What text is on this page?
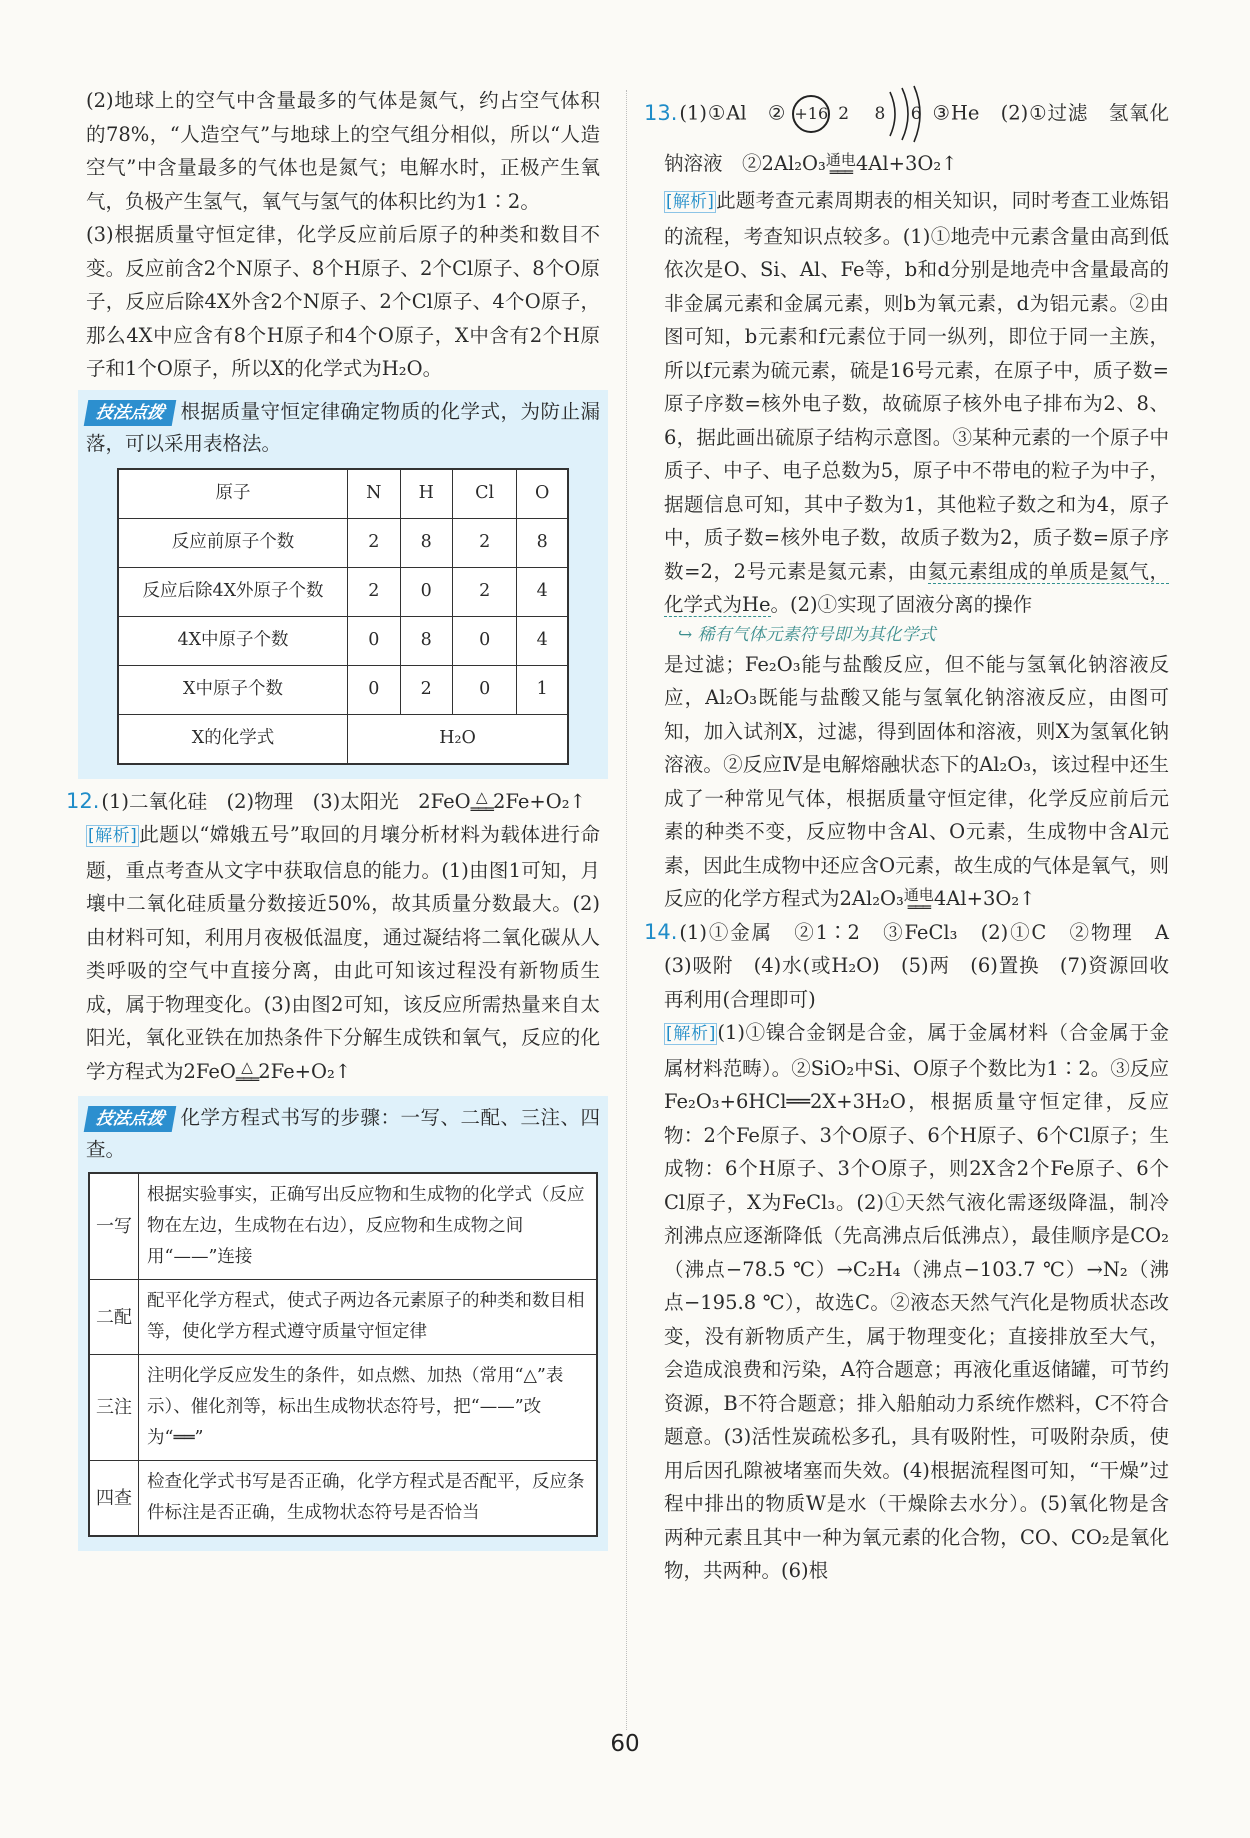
(2)地球上的空气中含量最多的气体是氮气，约占空气体积的78%，“人造空气”与地球上的空气组分相似，所以“人造空气”中含量最多的气体也是氮气；电解水时，正极产生氧气，负极产生氢气，氧气与氢气的体积比约为1∶2。

(3)根据质量守恒定律，化学反应前后原子的种类和数目不变。反应前含2个N原子、8个H原子、2个Cl原子、8个O原子，反应后除4X外含2个N原子、2个Cl原子、4个O原子，那么4X中应含有8个H原子和4个O原子，X中含有2个H原子和1个O原子，所以X的化学式为H₂O。

技法点拨 根据质量守恒定律确定物质的化学式，为防止漏落，可以采用表格法。
原子	N	H	Cl	O
反应前原子个数	2	8	2	8
反应后除4X外原子个数	2	0	2	4
4X中原子个数	0	8	0	4
X中原子个数	0	2	0	1
X的化学式	H₂O			

12. (1)二氧化硅　(2)物理　(3)太阳光　2FeO △
═══ 2Fe+O₂↑

[解析] 此题以“嫦娥五号”取回的月壤分析材料为载体进行命题，重点考查从文字中获取信息的能力。(1)由图1可知，月壤中二氧化硅质量分数接近50%，故其质量分数最大。(2)由材料可知，利用月夜极低温度，通过凝结将二氧化碳从人类呼吸的空气中直接分离，由此可知该过程没有新物质生成，属于物理变化。(3)由图2可知，该反应所需热量来自太阳光，氧化亚铁在加热条件下分解生成铁和氧气，反应的化学方程式为2FeO △
═══ 2Fe+O₂↑

技法点拨 化学方程式书写的步骤：一写、二配、三注、四查。
一写	根据实验事实，正确写出反应物和生成物的化学式（反应物在左边，生成物在右边），反应物和生成物之间用“——”连接
二配	配平化学方程式，使式子两边各元素原子的种类和数目相等，使化学方程式遵守质量守恒定律
三注	注明化学反应发生的条件，如点燃、加热（常用“△”表示）、催化剂等，标出生成物状态符号，把“——”改为“══”
四查	检查化学式书写是否正确，化学方程式是否配平，反应条件标注是否正确，生成物状态符号是否恰当

13. (1)①Al　② +16 2 8 6 ③He　(2)①过滤　氢氧化钠溶液　②2Al₂O₃ 通电
═══ 4Al+3O₂↑

[解析] 此题考查元素周期表的相关知识，同时考查工业炼铝的流程，考查知识点较多。(1)①地壳中元素含量由高到低依次是O、Si、Al、Fe等，b和d分别是地壳中含量最高的非金属元素和金属元素，则b为氧元素，d为铝元素。②由图可知，b元素和f元素位于同一纵列，即位于同一主族，所以f元素为硫元素，硫是16号元素，在原子中，质子数=原子序数=核外电子数，故硫原子核外电子排布为2、8、6，据此画出硫原子结构示意图。③某种元素的一个原子中质子、中子、电子总数为5，原子中不带电的粒子为中子，据题信息可知，其中子数为1，其他粒子数之和为4，原子中，质子数=核外电子数，故质子数为2，质子数=原子序数=2，2号元素是氦元素，由氦元素组成的单质是氦气，化学式为He。(2)①实现了固液分离的操作

↪ 稀有气体元素符号即为其化学式

是过滤；Fe₂O₃能与盐酸反应，但不能与氢氧化钠溶液反应，Al₂O₃既能与盐酸又能与氢氧化钠溶液反应，由图可知，加入试剂X，过滤，得到固体和溶液，则X为氢氧化钠溶液。②反应Ⅳ是电解熔融状态下的Al₂O₃，该过程中还生成了一种常见气体，根据质量守恒定律，化学反应前后元素的种类不变，反应物中含Al、O元素，生成物中含Al元素，因此生成物中还应含O元素，故生成的气体是氧气，则反应的化学方程式为2Al₂O₃ 通电
═══ 4Al+3O₂↑

14. (1)①金属　②1∶2　③FeCl₃　(2)①C　②物理　A　(3)吸附　(4)水(或H₂O)　(5)两　(6)置换　(7)资源回收再利用(合理即可)

[解析] (1)①镍合金钢是合金，属于金属材料（合金属于金属材料范畴）。②SiO₂中Si、O原子个数比为1∶2。③反应Fe₂O₃+6HCl══2X+3H₂O，根据质量守恒定律，反应物：2个Fe原子、3个O原子、6个H原子、6个Cl原子；生成物：6个H原子、3个O原子，则2X含2个Fe原子、6个Cl原子，X为FeCl₃。(2)①天然气液化需逐级降温，制冷剂沸点应逐渐降低（先高沸点后低沸点），最佳顺序是CO₂（沸点−78.5 ℃）→C₂H₄（沸点−103.7 ℃）→N₂（沸点−195.8 ℃），故选C。②液态天然气汽化是物质状态改变，没有新物质产生，属于物理变化；直接排放至大气，会造成浪费和污染，A符合题意；再液化重返储罐，可节约资源，B不符合题意；排入船舶动力系统作燃料，C不符合题意。(3)活性炭疏松多孔，具有吸附性，可吸附杂质，使用后因孔隙被堵塞而失效。(4)根据流程图可知，“干燥”过程中排出的物质W是水（干燥除去水分）。(5)氧化物是含两种元素且其中一种为氧元素的化合物，CO、CO₂是氧化物，共两种。(6)根

60
